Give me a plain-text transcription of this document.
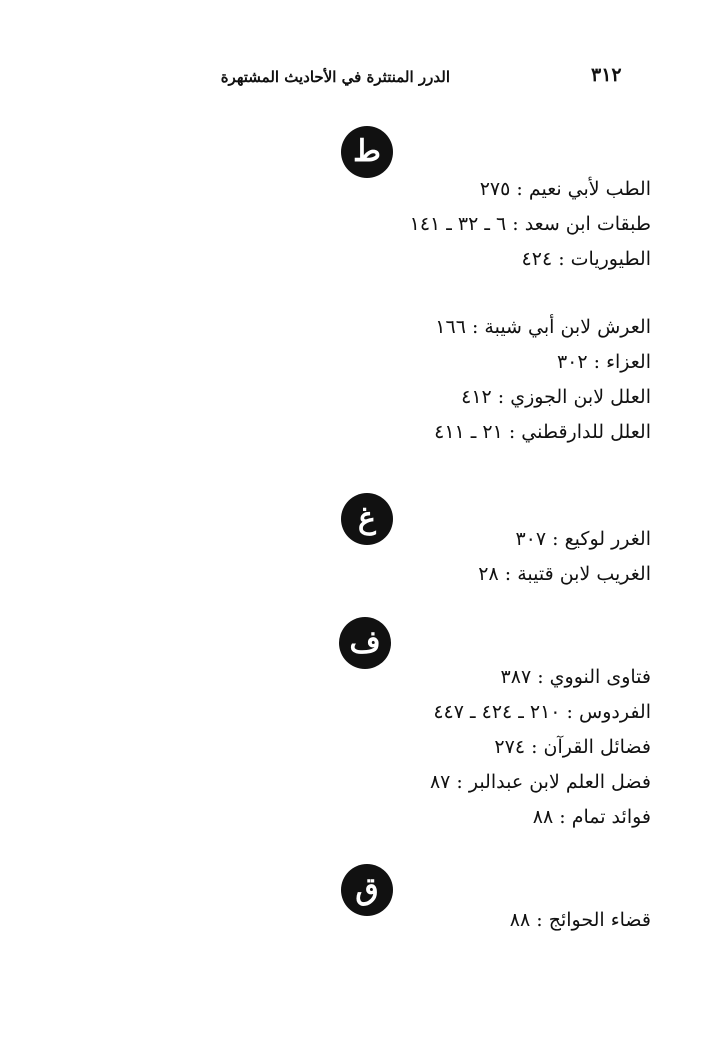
الدرر المنتثرة في الأحاديث المشتهرة	٣١٢
ط
الطب لأبي نعيم : ٢٧٥
طبقات ابن سعد : ٦ ـ ٣٢ ـ ١٤١
الطيوريات : ٤٢٤
العرش لابن أبي شيبة : ١٦٦
العزاء : ٣٠٢
العلل لابن الجوزي : ٤١٢
العلل للدارقطني : ٢١ ـ ٤١١
غ
الغرر لوكيع : ٣٠٧
الغريب لابن قتيبة : ٢٨
ف
فتاوى النووي : ٣٨٧
الفردوس : ٢١٠ ـ ٤٢٤ ـ ٤٤٧
فضائل القرآن : ٢٧٤
فضل العلم لابن عبدالبر : ٨٧
فوائد تمام : ٨٨
ق
قضاء الحوائج : ٨٨
